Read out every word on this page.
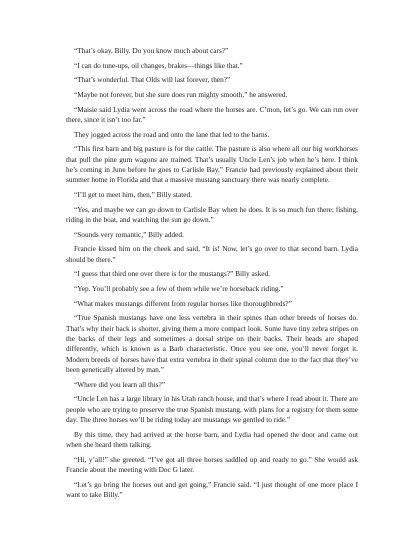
“That’s okay, Billy. Do you know much about cars?”

“I can do tune-ups, oil changes, brakes—things like that.”

“That’s wonderful. That Olds will last forever, then?”

“Maybe not forever, but she sure does run mighty smooth,” he answered.

“Maisie said Lydia went across the road where the horses are. C’mon, let’s go. We can run over there, since it isn’t too far.”

They jogged across the road and onto the lane that led to the barns.

“This first barn and big pasture is for the cattle. The pasture is also where all our big workhorses that pull the pine gum wagons are trained. That’s usually Uncle Len’s job when he’s here. I think he’s coming in June before he goes to Carlisle Bay.” Francie had previously explained about their summer home in Florida and that a massive mustang sanctuary there was nearly complete.

“I’ll get to meet him, then,” Billy stated.

“Yes, and maybe we can go down to Carlisle Bay when he does. It is so much fun there; fishing, riding in the boat, and watching the sun go down.”

“Sounds very romantic,” Billy added.

Francie kissed him on the cheek and said, “It is! Now, let’s go over to that second barn. Lydia should be there.”

“I guess that third one over there is for the mustangs?” Billy asked.

“Yep. You’ll probably see a few of them while we’re horseback riding.”

“What makes mustangs different from regular horses like thoroughbreds?”

“True Spanish mustangs have one less vertebra in their spines than other breeds of horses do. That’s why their back is shorter, giving them a more compact look. Some have tiny zebra stripes on the backs of their legs and sometimes a dorsal stripe on their backs. Their heads are shaped differently, which is known as a Barb characteristic. Once you see one, you’ll never forget it. Modern breeds of horses have that extra vertebra in their spinal column due to the fact that they’ve been genetically altered by man.”

“Where did you learn all this?”

“Uncle Len has a large library in his Utah ranch house, and that’s where I read about it. There are people who are trying to preserve the true Spanish mustang, with plans for a registry for them some day. The three horses we’ll be riding today are mustangs we gentled to ride.”

By this time, they had arrived at the horse barn, and Lydia had opened the door and came out when she heard them talking.

“Hi, y’all!” she greeted. “I’ve got all three horses saddled up and ready to go.” She would ask Francie about the meeting with Doc G later.

“Let’s go bring the horses out and get going,” Francie said. “I just thought of one more place I want to take Billy.”
